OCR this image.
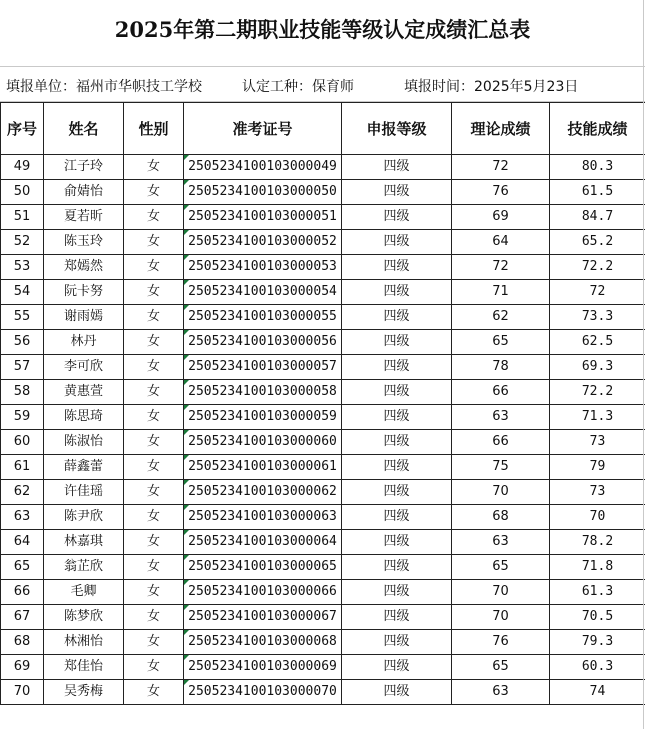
2025年第二期职业技能等级认定成绩汇总表
填报单位：福州市华帜技工学校	认定工种：保育师	填报时间：2025年5月23日
序号	姓名	性别	准考证号	申报等级	理论成绩	技能成绩
49	江子玲	女	2505234100103000049	四级	72	80.3
50	俞婧怡	女	2505234100103000050	四级	76	61.5
51	夏若昕	女	2505234100103000051	四级	69	84.7
52	陈玉玲	女	2505234100103000052	四级	64	65.2
53	郑嫣然	女	2505234100103000053	四级	72	72.2
54	阮卡努	女	2505234100103000054	四级	71	72
55	谢雨嫣	女	2505234100103000055	四级	62	73.3
56	林丹	女	2505234100103000056	四级	65	62.5
57	李可欣	女	2505234100103000057	四级	78	69.3
58	黄惠萱	女	2505234100103000058	四级	66	72.2
59	陈思琦	女	2505234100103000059	四级	63	71.3
60	陈淑怡	女	2505234100103000060	四级	66	73
61	薛鑫蕾	女	2505234100103000061	四级	75	79
62	许佳瑶	女	2505234100103000062	四级	70	73
63	陈尹欣	女	2505234100103000063	四级	68	70
64	林嘉琪	女	2505234100103000064	四级	63	78.2
65	翁芷欣	女	2505234100103000065	四级	65	71.8
66	毛卿	女	2505234100103000066	四级	70	61.3
67	陈梦欣	女	2505234100103000067	四级	70	70.5
68	林湘怡	女	2505234100103000068	四级	76	79.3
69	郑佳怡	女	2505234100103000069	四级	65	60.3
70	吴秀梅	女	2505234100103000070	四级	63	74
